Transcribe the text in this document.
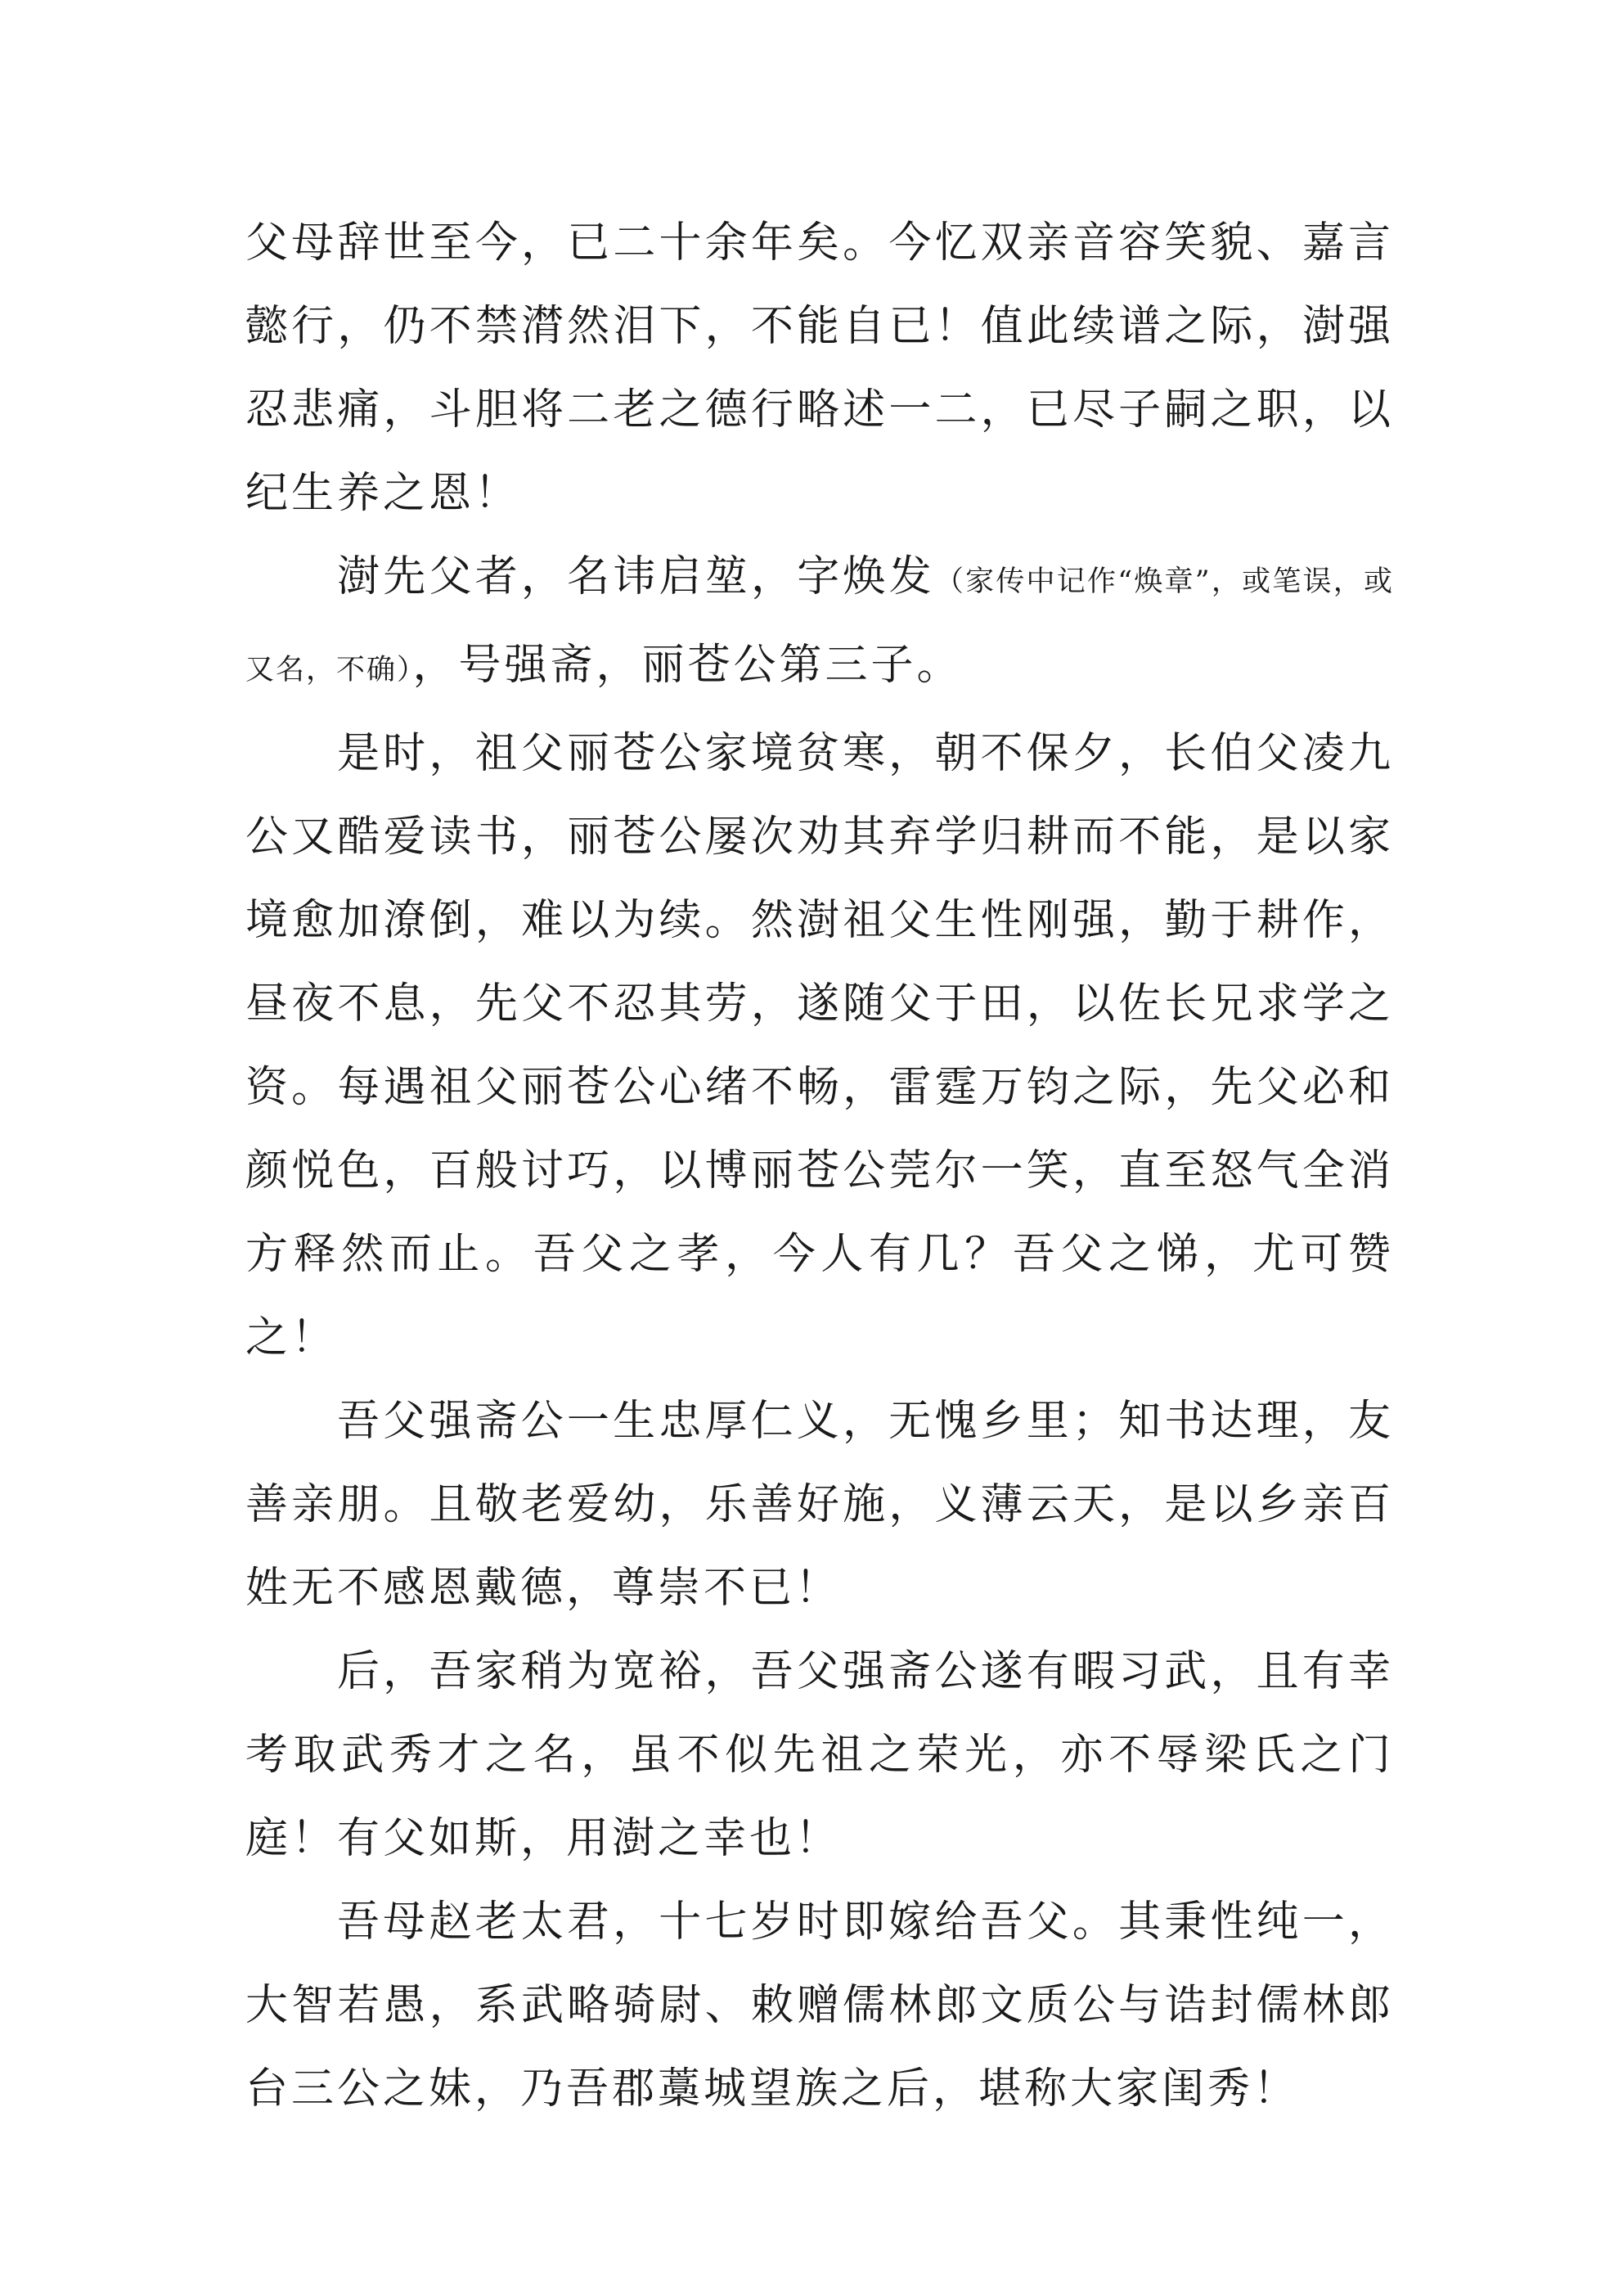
父母辞世至今，已二十余年矣。今忆双亲音容笑貌、嘉言懿行，仍不禁潸然泪下，不能自已！值此续谱之际，澍强忍悲痛，斗胆将二老之德行略述一二，已尽子嗣之职，以纪生养之恩！

澍先父者，名讳启堃，字焕发（家传中记作“焕章”，或笔误，或又名，不确），号强斋，丽苍公第三子。

是时，祖父丽苍公家境贫寒，朝不保夕，长伯父凌九公又酷爱读书，丽苍公屡次劝其弃学归耕而不能，是以家境愈加潦倒，难以为续。然澍祖父生性刚强，勤于耕作，昼夜不息，先父不忍其劳，遂随父于田，以佐长兄求学之资。每遇祖父丽苍公心绪不畅，雷霆万钧之际，先父必和颜悦色，百般讨巧，以博丽苍公莞尔一笑，直至怒气全消方释然而止。吾父之孝，今人有几？吾父之悌，尤可赞之！

吾父强斋公一生忠厚仁义，无愧乡里；知书达理，友善亲朋。且敬老爱幼，乐善好施，义薄云天，是以乡亲百姓无不感恩戴德，尊崇不已！

后，吾家稍为宽裕，吾父强斋公遂有暇习武，且有幸考取武秀才之名，虽不似先祖之荣光，亦不辱梁氏之门庭！有父如斯，用澍之幸也！

吾母赵老太君，十七岁时即嫁给吾父。其秉性纯一，大智若愚，系武略骑尉、敕赠儒林郎文质公与诰封儒林郎台三公之妹，乃吾郡藁城望族之后，堪称大家闺秀！
